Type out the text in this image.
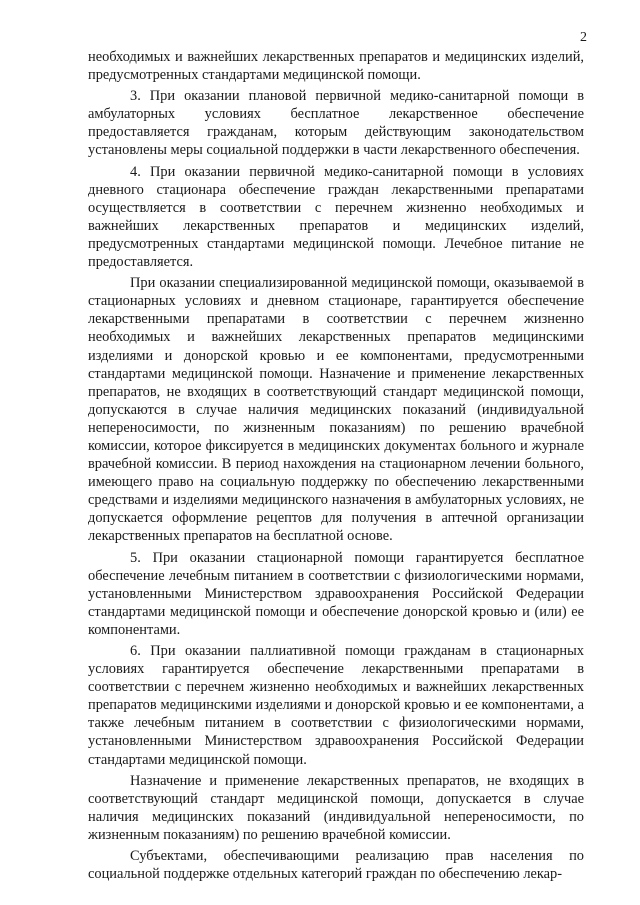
2

необходимых и важнейших лекарственных препаратов и медицинских изделий, предусмотренных стандартами медицинской помощи.

3. При оказании плановой первичной медико-санитарной помощи в амбулаторных условиях бесплатное лекарственное обеспечение предоставляется гражданам, которым действующим законодательством установлены меры социальной поддержки в части лекарственного обеспечения.

4. При оказании первичной медико-санитарной помощи в условиях дневного стационара обеспечение граждан лекарственными препаратами осуществляется в соответствии с перечнем жизненно необходимых и важнейших лекарственных препаратов и медицинских изделий, предусмотренных стандартами медицинской помощи. Лечебное питание не предоставляется.

При оказании специализированной медицинской помощи, оказываемой в стационарных условиях и дневном стационаре, гарантируется обеспечение лекарственными препаратами в соответствии с перечнем жизненно необходимых и важнейших лекарственных препаратов медицинскими изделиями и донорской кровью и ее компонентами, предусмотренными стандартами медицинской помощи. Назначение и применение лекарственных препаратов, не входящих в соответствующий стандарт медицинской помощи, допускаются в случае наличия медицинских показаний (индивидуальной непереносимости, по жизненным показаниям) по решению врачебной комиссии, которое фиксируется в медицинских документах больного и журнале врачебной комиссии. В период нахождения на стационарном лечении больного, имеющего право на социальную поддержку по обеспечению лекарственными средствами и изделиями медицинского назначения в амбулаторных условиях, не допускается оформление рецептов для получения в аптечной организации лекарственных препаратов на бесплатной основе.

5. При оказании стационарной помощи гарантируется бесплатное обеспечение лечебным питанием в соответствии с физиологическими нормами, установленными Министерством здравоохранения Российской Федерации стандартами медицинской помощи и обеспечение донорской кровью и (или) ее компонентами.

6. При оказании паллиативной помощи гражданам в стационарных условиях гарантируется обеспечение лекарственными препаратами в соответствии с перечнем жизненно необходимых и важнейших лекарственных препаратов медицинскими изделиями и донорской кровью и ее компонентами, а также лечебным питанием в соответствии с физиологическими нормами, установленными Министерством здравоохранения Российской Федерации стандартами медицинской помощи.

Назначение и применение лекарственных препаратов, не входящих в соответствующий стандарт медицинской помощи, допускается в случае наличия медицинских показаний (индивидуальной непереносимости, по жизненным показаниям) по решению врачебной комиссии.

Субъектами, обеспечивающими реализацию прав населения по социальной поддержке отдельных категорий граждан по обеспечению лекар-
